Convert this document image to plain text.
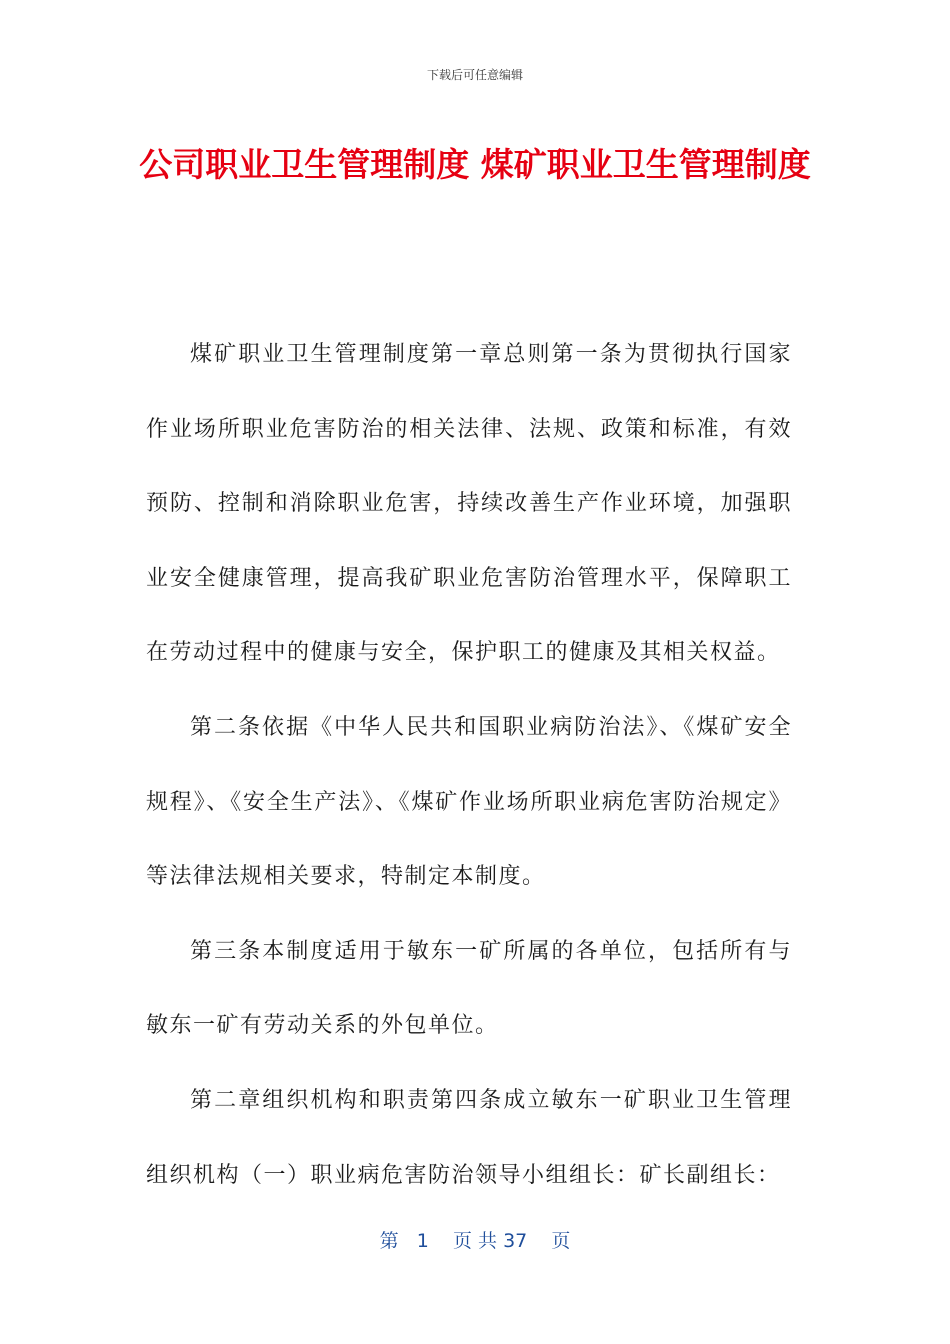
下载后可任意编辑
公司职业卫生管理制度 煤矿职业卫生管理制度

煤矿职业卫生管理制度第一章总则第一条为贯彻执行国家作业场所职业危害防治的相关法律、法规、政策和标准，有效预防、控制和消除职业危害，持续改善生产作业环境，加强职业安全健康管理，提高我矿职业危害防治管理水平，保障职工在劳动过程中的健康与安全，保护职工的健康及其相关权益。

第二条依据《中华人民共和国职业病防治法》、《煤矿安全规程》、《安全生产法》、《煤矿作业场所职业病危害防治规定》等法律法规相关要求，特制定本制度。

第三条本制度适用于敏东一矿所属的各单位，包括所有与敏东一矿有劳动关系的外包单位。

第二章组织机构和职责第四条成立敏东一矿职业卫生管理组织机构（一）职业病危害防治领导小组组长：矿长副组长：

第 1 页 共 37 页
